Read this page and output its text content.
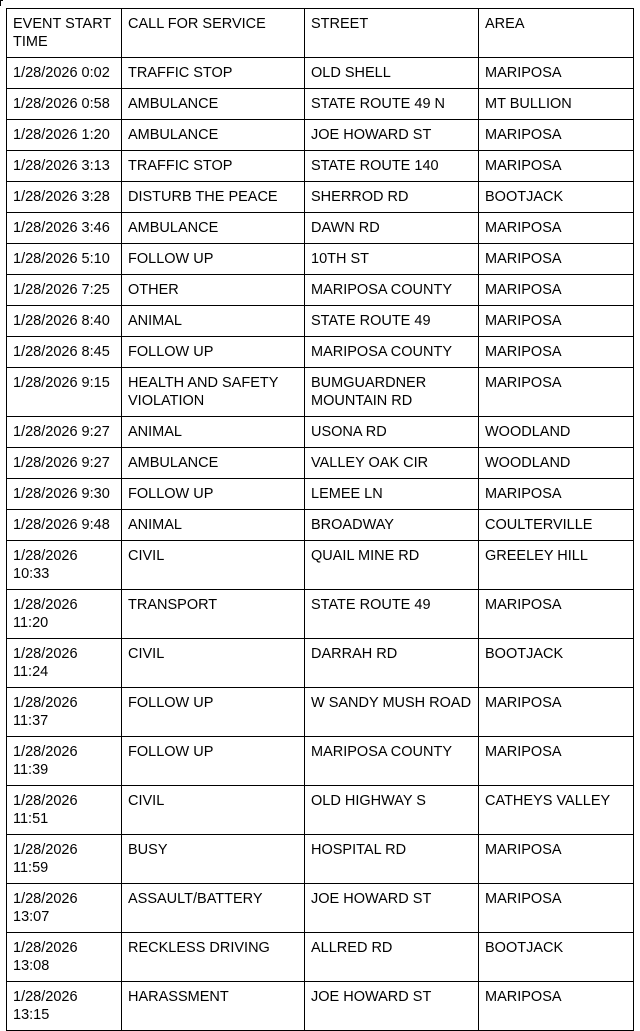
EVENT START TIME	CALL FOR SERVICE	STREET	AREA
1/28/2026 0:02	TRAFFIC STOP	OLD SHELL	MARIPOSA
1/28/2026 0:58	AMBULANCE	STATE ROUTE 49 N	MT BULLION
1/28/2026 1:20	AMBULANCE	JOE HOWARD ST	MARIPOSA
1/28/2026 3:13	TRAFFIC STOP	STATE ROUTE 140	MARIPOSA
1/28/2026 3:28	DISTURB THE PEACE	SHERROD RD	BOOTJACK
1/28/2026 3:46	AMBULANCE	DAWN RD	MARIPOSA
1/28/2026 5:10	FOLLOW UP	10TH ST	MARIPOSA
1/28/2026 7:25	OTHER	MARIPOSA COUNTY	MARIPOSA
1/28/2026 8:40	ANIMAL	STATE ROUTE 49	MARIPOSA
1/28/2026 8:45	FOLLOW UP	MARIPOSA COUNTY	MARIPOSA
1/28/2026 9:15	HEALTH AND SAFETY VIOLATION	BUMGUARDNER MOUNTAIN RD	MARIPOSA
1/28/2026 9:27	ANIMAL	USONA RD	WOODLAND
1/28/2026 9:27	AMBULANCE	VALLEY OAK CIR	WOODLAND
1/28/2026 9:30	FOLLOW UP	LEMEE LN	MARIPOSA
1/28/2026 9:48	ANIMAL	BROADWAY	COULTERVILLE
1/28/2026 10:33	CIVIL	QUAIL MINE RD	GREELEY HILL
1/28/2026 11:20	TRANSPORT	STATE ROUTE 49	MARIPOSA
1/28/2026 11:24	CIVIL	DARRAH RD	BOOTJACK
1/28/2026 11:37	FOLLOW UP	W SANDY MUSH ROAD	MARIPOSA
1/28/2026 11:39	FOLLOW UP	MARIPOSA COUNTY	MARIPOSA
1/28/2026 11:51	CIVIL	OLD HIGHWAY S	CATHEYS VALLEY
1/28/2026 11:59	BUSY	HOSPITAL RD	MARIPOSA
1/28/2026 13:07	ASSAULT/BATTERY	JOE HOWARD ST	MARIPOSA
1/28/2026 13:08	RECKLESS DRIVING	ALLRED RD	BOOTJACK
1/28/2026 13:15	HARASSMENT	JOE HOWARD ST	MARIPOSA
